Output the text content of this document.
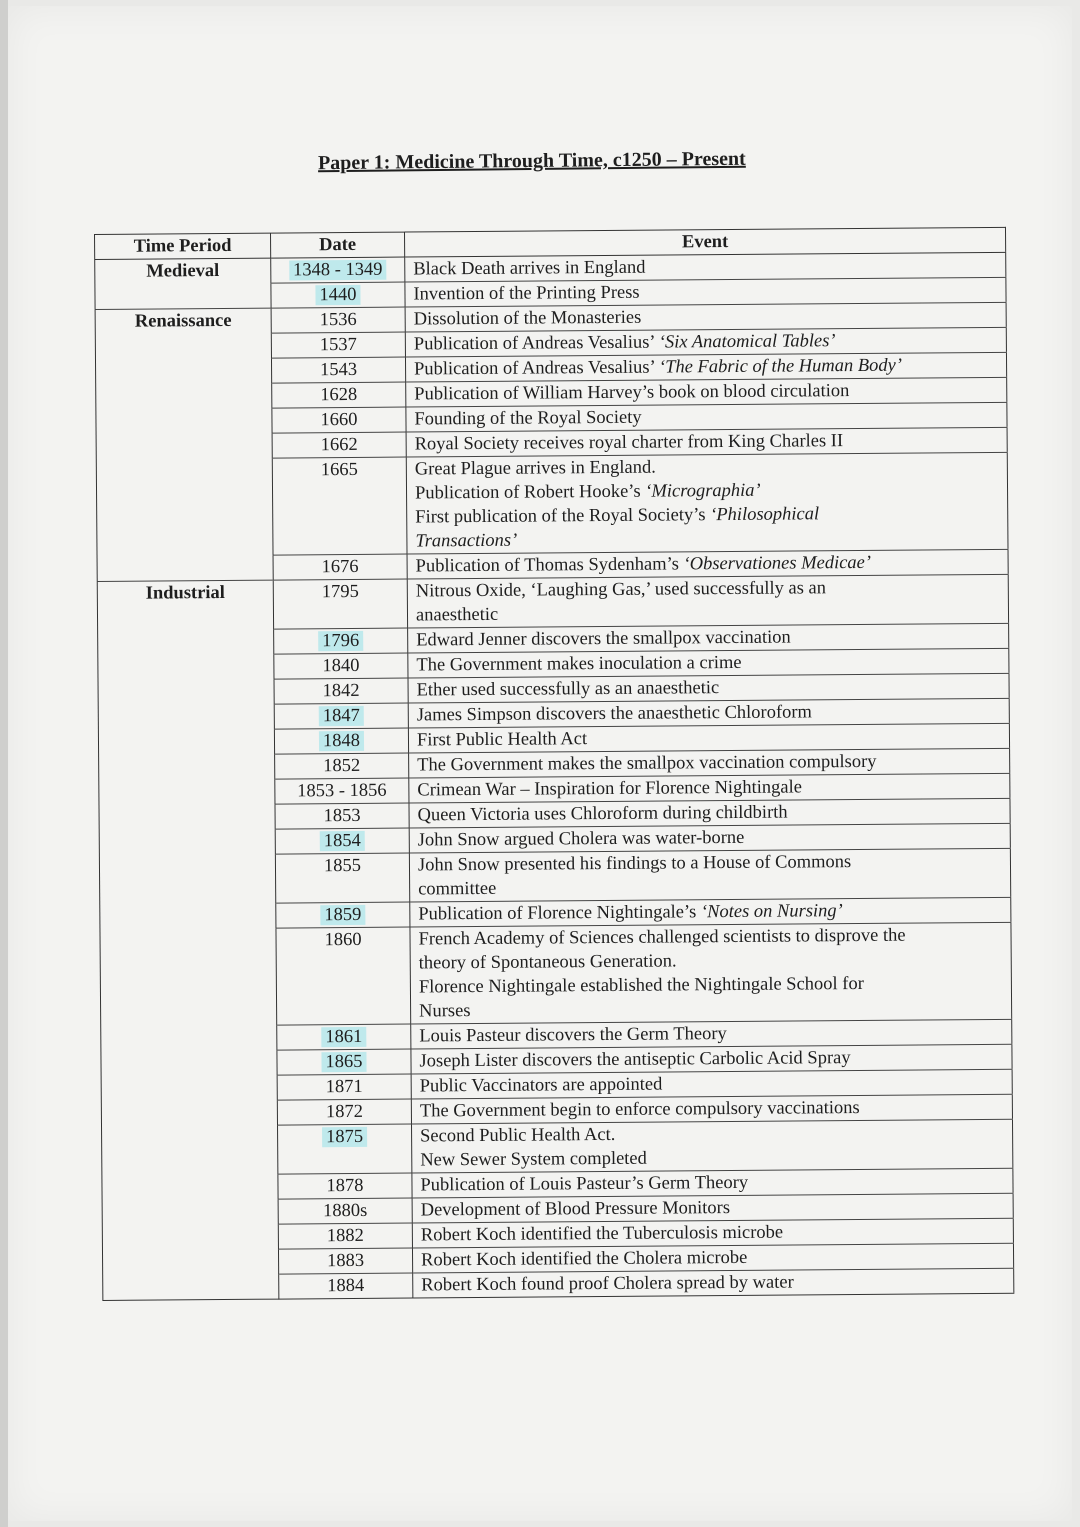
Paper 1: Medicine Through Time, c1250 – Present
Time Period	Date	Event
Medieval	1348 - 1349	Black Death arrives in England

	1440	Invention of the Printing Press

Renaissance	1536	Dissolution of the Monasteries

	1537	Publication of Andreas Vesalius’ ‘Six Anatomical Tables’

	1543	Publication of Andreas Vesalius’ ‘The Fabric of the Human Body’

	1628	Publication of William Harvey’s book on blood circulation

	1660	Founding of the Royal Society

	1662	Royal Society receives royal charter from King Charles II

	1665	Great Plague arrives in England.
Publication of Robert Hooke’s ‘Micrographia’
First publication of the Royal Society’s ‘Philosophical
Transactions’

	1676	Publication of Thomas Sydenham’s ‘Observationes Medicae’

Industrial	1795	Nitrous Oxide, ‘Laughing Gas,’ used successfully as an
anaesthetic

	1796	Edward Jenner discovers the smallpox vaccination

	1840	The Government makes inoculation a crime

	1842	Ether used successfully as an anaesthetic

	1847	James Simpson discovers the anaesthetic Chloroform

	1848	First Public Health Act

	1852	The Government makes the smallpox vaccination compulsory

	1853 - 1856	Crimean War – Inspiration for Florence Nightingale

	1853	Queen Victoria uses Chloroform during childbirth

	1854	John Snow argued Cholera was water-borne

	1855	John Snow presented his findings to a House of Commons
committee

	1859	Publication of Florence Nightingale’s ‘Notes on Nursing’

	1860	French Academy of Sciences challenged scientists to disprove the
theory of Spontaneous Generation.
Florence Nightingale established the Nightingale School for
Nurses

	1861	Louis Pasteur discovers the Germ Theory

	1865	Joseph Lister discovers the antiseptic Carbolic Acid Spray

	1871	Public Vaccinators are appointed

	1872	The Government begin to enforce compulsory vaccinations

	1875	Second Public Health Act.
New Sewer System completed

	1878	Publication of Louis Pasteur’s Germ Theory

	1880s	Development of Blood Pressure Monitors

	1882	Robert Koch identified the Tuberculosis microbe

	1883	Robert Koch identified the Cholera microbe

	1884	Robert Koch found proof Cholera spread by water
